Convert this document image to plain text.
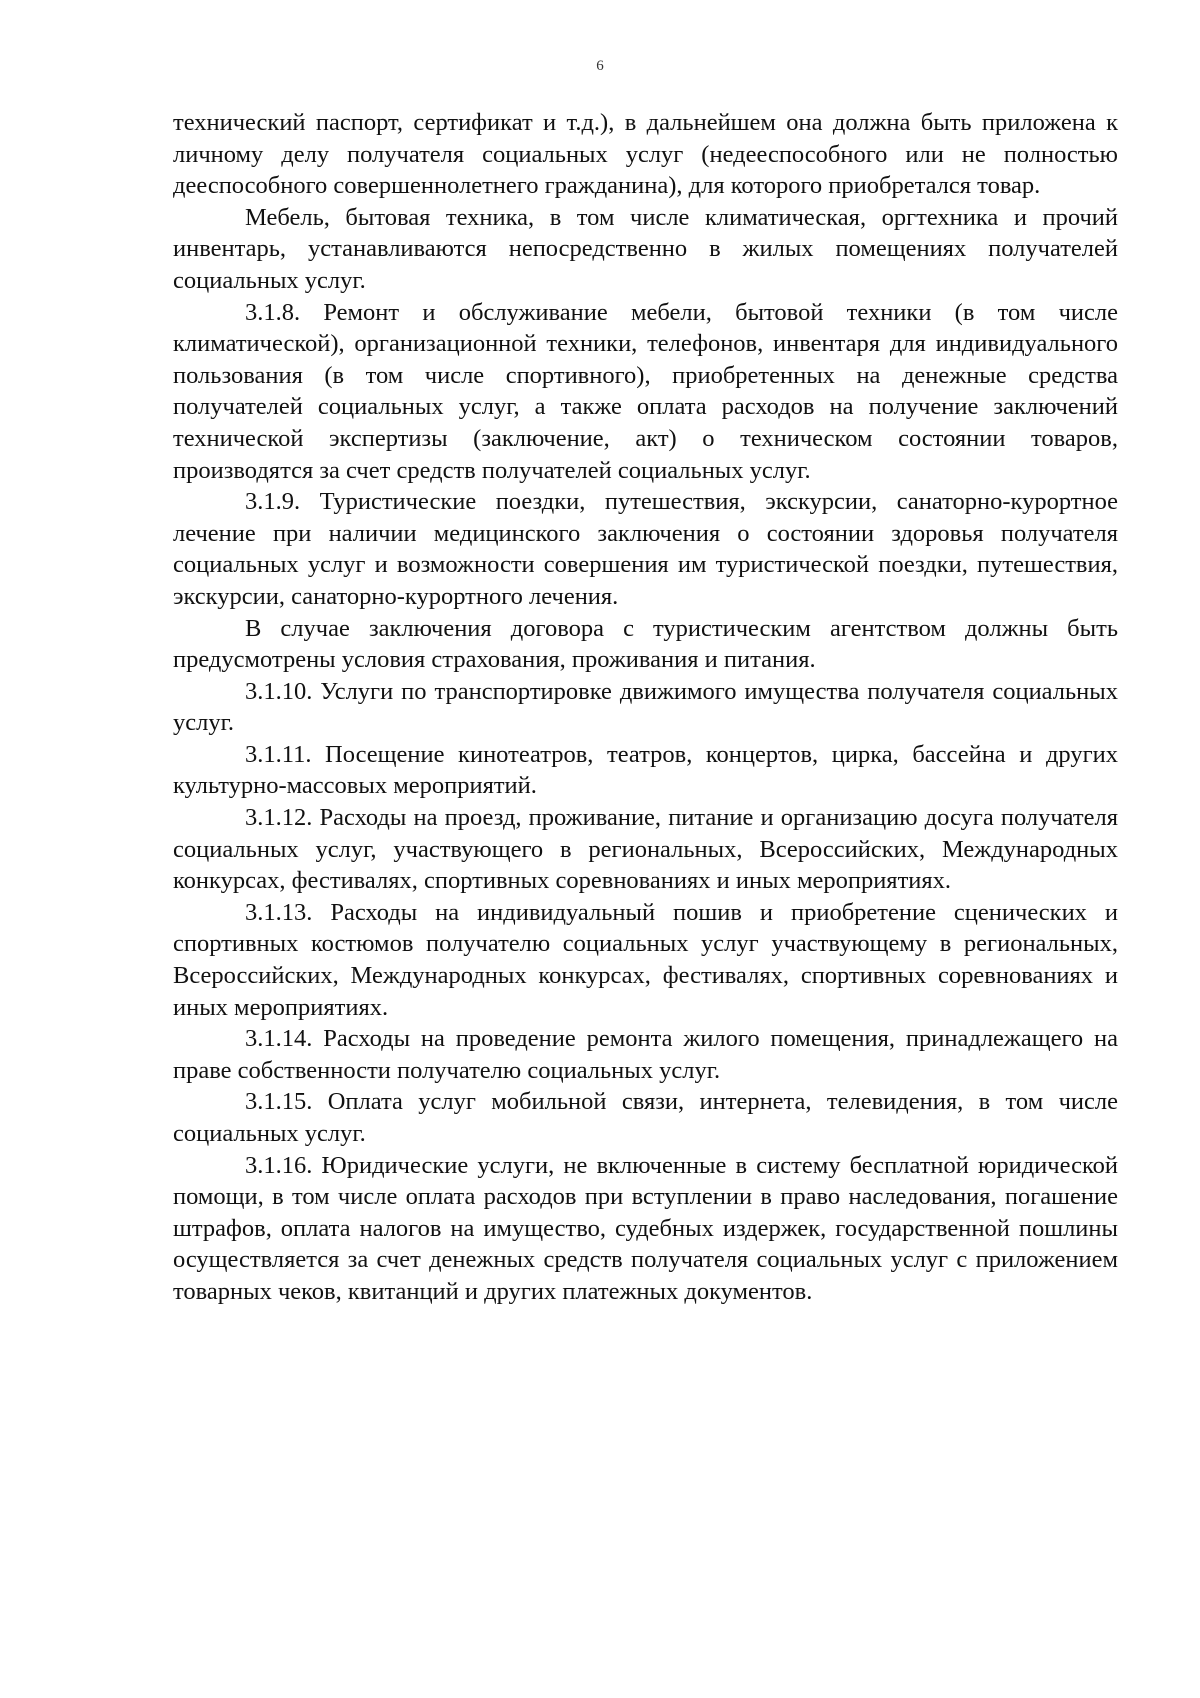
6

технический паспорт, сертификат и т.д.), в дальнейшем она должна быть приложена к личному делу получателя социальных услуг (недееспособного или не полностью дееспособного совершеннолетнего гражданина), для которого приобретался товар.

Мебель, бытовая техника, в том числе климатическая, оргтехника и прочий инвентарь, устанавливаются непосредственно в жилых помещениях получателей социальных услуг.

3.1.8. Ремонт и обслуживание мебели, бытовой техники (в том числе климатической), организационной техники, телефонов, инвентаря для индивидуального пользования (в том числе спортивного), приобретенных на денежные средства получателей социальных услуг, а также оплата расходов на получение заключений технической экспертизы (заключение, акт) о техническом состоянии товаров, производятся за счет средств получателей социальных услуг.

3.1.9. Туристические поездки, путешествия, экскурсии, санаторно-курортное лечение при наличии медицинского заключения о состоянии здоровья получателя социальных услуг и возможности совершения им туристической поездки, путешествия, экскурсии, санаторно-курортного лечения.

В случае заключения договора с туристическим агентством должны быть предусмотрены условия страхования, проживания и питания.

3.1.10. Услуги по транспортировке движимого имущества получателя социальных услуг.

3.1.11. Посещение кинотеатров, театров, концертов, цирка, бассейна и других культурно-массовых мероприятий.

3.1.12. Расходы на проезд, проживание, питание и организацию досуга получателя социальных услуг, участвующего в региональных, Всероссийских, Международных конкурсах, фестивалях, спортивных соревнованиях и иных мероприятиях.

3.1.13. Расходы на индивидуальный пошив и приобретение сценических и спортивных костюмов получателю социальных услуг участвующему в региональных, Всероссийских, Международных конкурсах, фестивалях, спортивных соревнованиях и иных мероприятиях.

3.1.14. Расходы на проведение ремонта жилого помещения, принадлежащего на праве собственности получателю социальных услуг.

3.1.15. Оплата услуг мобильной связи, интернета, телевидения, в том числе социальных услуг.

3.1.16. Юридические услуги, не включенные в систему бесплатной юридической помощи, в том числе оплата расходов при вступлении в право наследования, погашение штрафов, оплата налогов на имущество, судебных издержек, государственной пошлины осуществляется за счет денежных средств получателя социальных услуг с приложением товарных чеков, квитанций и других платежных документов.
